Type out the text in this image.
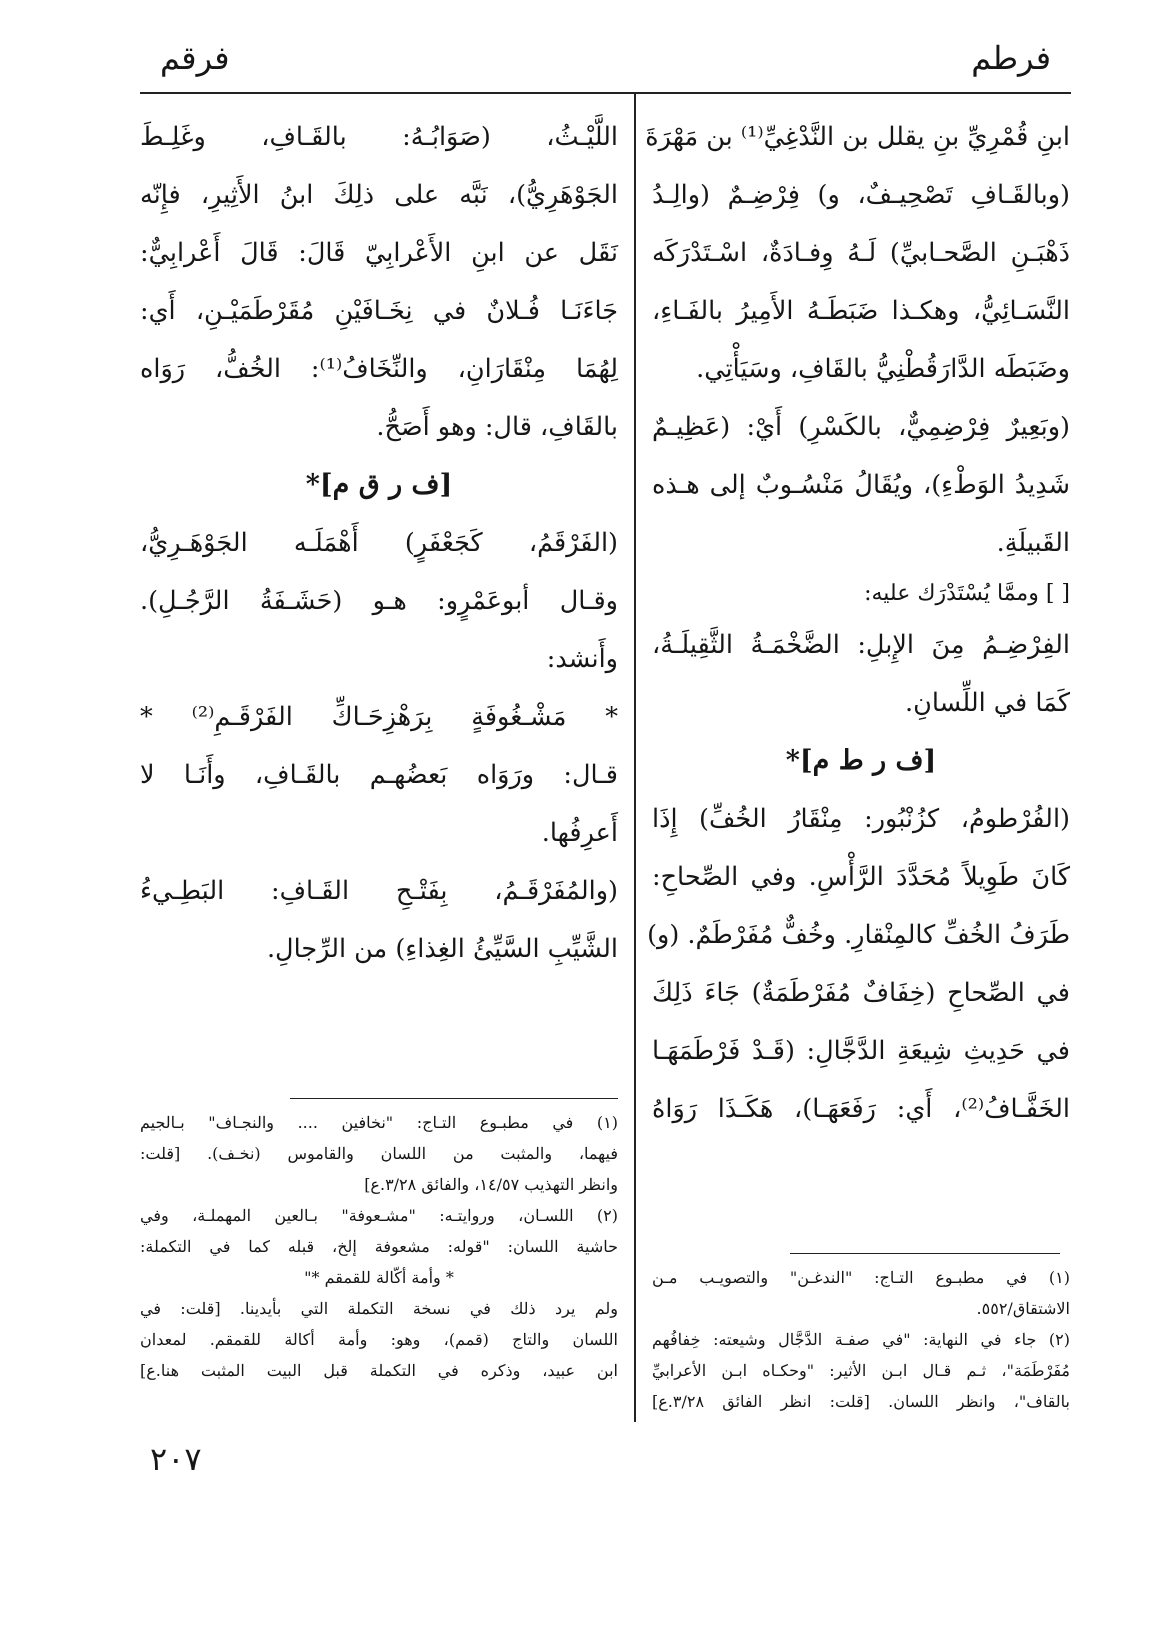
فرطم
فرقم
ابنِ قُمْرِيِّ بنِ يقلل بن النَّدْغِيِّ⁽¹⁾ بن مَهْرَةَ
(وبالقَـافِ تَصْحِيـفٌ، و) فِرْضِـمٌ (والِـدُ
ذَهْبَـنِ الصَّحـابيِّ) لَـهُ وِفـادَةٌ، اسْـتَدْرَكَه
النَّسَـائِيُّ، وهكـذا ضَبَطَـهُ الأَمِيرُ بالفَـاءِ،
وضَبَطَه الدَّارَقُطْنِيُّ بالقَافِ، وسَيَأْتِي.
(وبَعِيرٌ فِرْضِمِيٌّ، بالكَسْرِ) أَيْ: (عَظِيـمٌ
شَدِيدُ الوَطْءِ)، ويُقَالُ مَنْسُـوبٌ إلى هـذه
القَبيلَةِ.
[ ] وممَّا يُسْتَدْرَك عليه:
الفِرْضِـمُ مِنَ الإِبلِ: الضَّخْمَـةُ الثَّقِيلَـةُ،
كَمَا في اللِّسانِ.
[ف ر ط م]*
(الفُرْطومُ، كزُنْبُور: مِنْقَارُ الخُفِّ) إِذَا
كَانَ طَوِيلاً مُحَدَّدَ الرَّأْسِ. وفي الصِّحاحِ:
طَرَفُ الخُفِّ كالمِنْقارِ. وخُفٌّ مُفَرْطَمٌ. (و)
في الصِّحاحِ (خِفَافٌ مُفَرْطَمَةٌ) جَاءَ ذَلِكَ
في حَدِيثِ شِيعَةِ الدَّجَّالِ: (قَـدْ فَرْطَمَهَـا
الخَفَّـافُ⁽²⁾، أَي: رَفَعَهَـا)، هَكَـذَا رَوَاهُ
(١) في مطبـوع التـاج: "الندغـن" والتصويـب مـن
الاشتقاق/٥٥٢.
(٢) جاء في النهاية: "في صفـة الدَّجَّال وشيعته: خِفافُهم
مُفَرْطَمَة"، ثـم قـال ابـن الأثير: "وحكـاه ابـن الأعرابيِّ
بالقاف"، وانظر اللسان. [قلت: انظر الفائق ٣/٢٨.ع]
اللَّيْـثُ، (صَوَابُـهُ: بالقَـافِ، وغَلِـطَ
الجَوْهَرِيُّ)، نَبَّه على ذلِكَ ابنُ الأَثِيرِ، فإِنّه
نَقَل عن ابنِ الأَعْرابِيّ قَالَ: قَالَ أَعْرابِيٌّ:
جَاءَنَـا فُـلانٌ في نِخَـافَيْنِ مُقَرْطَمَيْـنِ، أَي:
لِهُمَا مِنْقَارَانِ، والنِّخَافُ⁽¹⁾: الخُفُّ، رَوَاه
بالقَافِ، قال: وهو أَصَحُّ.
[ف ر ق م]*
(الفَرْقَمُ، كَجَعْفَرٍ) أَهْمَلَـه الجَوْهَـرِيُّ،
وقـال أبوعَمْرٍو: هـو (حَشَـفَةُ الرَّجُـلِ).
وأَنشد:
* مَشْـغُوفَةٍ بِرَهْزِحَـاكِّ الفَرْقَـمِ⁽²⁾ *
قـال: ورَوَاه بَعضُهـم بالقَـافِ، وأَنَـا لا
أَعرِفُها.
(والمُفَرْقَـمُ، بِفَتْـحِ القَـافِ: البَطِـيءُ
الشَّيِّبِ السَّيِّئُ الغِذاءِ) من الرِّجالِ.
(١) في مطبـوع التـاج: "نخافين .... والنجـاف" بـالجيم
فيهما، والمثبت من اللسان والقاموس (نخـف). [قلت:
وانظر التهذيب ١٤/٥٧، والفائق ٣/٢٨.ع]
(٢) اللسـان، وروايتـه: "مشـعوفة" بـالعين المهملـة، وفي
حاشية اللسان: "قوله: مشعوفة إلخ، قبله كما في التكملة:
* وأمة أكّالة للقمقم *"
ولم يرد ذلك في نسخة التكملة التي بأيدينا. [قلت: في
اللسان والتاج (قمم)، وهو: وأمة أكالة للقمقم. لمعدان
ابن عبيد، وذكره في التكملة قبل البيت المثبت هنا.ع]
٢٠٧
